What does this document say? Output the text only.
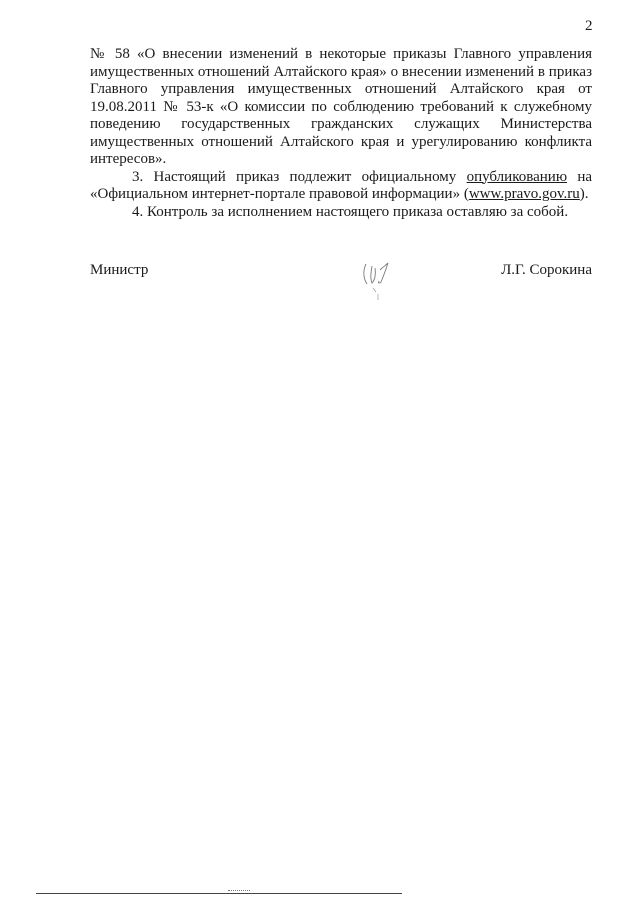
2

№ 58 «О внесении изменений в некоторые приказы Главного управления имущественных отношений Алтайского края» о внесении изменений в приказ Главного управления имущественных отношений Алтайского края от 19.08.2011 № 53-к «О комиссии по соблюдению требований к служебному поведению государственных гражданских служащих Министерства имущественных отношений Алтайского края и урегулированию конфликта интересов».

3. Настоящий приказ подлежит официальному опубликованию на «Официальном интернет-портале правовой информации» (www.pravo.gov.ru).

4. Контроль за исполнением настоящего приказа оставляю за собой.

Министр	Л.Г. Сорокина
